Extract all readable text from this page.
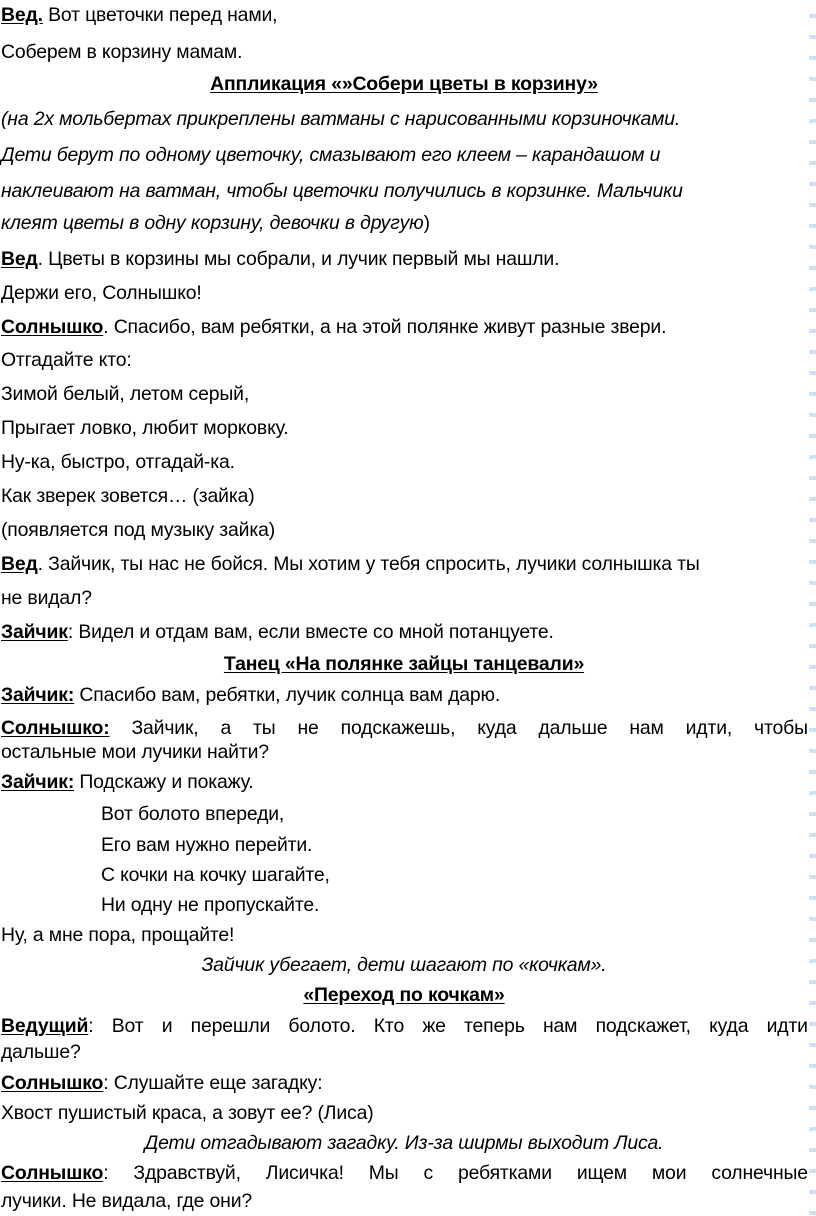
Вед. Вот цветочки перед нами,
Соберем в корзину мамам.
Аппликация «»Собери цветы в корзину»
(на 2х мольбертах прикреплены ватманы с нарисованными корзиночками.
Дети берут по одному цветочку, смазывают его клеем – карандашом и
наклеивают на ватман, чтобы цветочки получились в корзинке. Мальчики
клеят цветы в одну корзину, девочки в другую)
Вед. Цветы в корзины мы собрали, и лучик первый мы нашли.
Держи его, Солнышко!
Солнышко. Спасибо, вам ребятки, а на этой полянке живут разные звери.
Отгадайте кто:
Зимой белый, летом серый,
Прыгает ловко, любит морковку.
Ну-ка, быстро, отгадай-ка.
Как зверек зовется… (зайка)
(появляется под музыку зайка)
Вед. Зайчик, ты нас не бойся. Мы хотим у тебя спросить, лучики солнышка ты
не видал?
Зайчик: Видел и отдам вам, если вместе со мной потанцуете.
Танец «На полянке зайцы танцевали»
Зайчик: Спасибо вам, ребятки, лучик солнца вам дарю.
Солнышко: Зайчик, а ты не подскажешь, куда дальше нам идти, чтобы
остальные мои лучики найти?
Зайчик: Подскажу и покажу.
Вот болото впереди,
Его вам нужно перейти.
С кочки на кочку шагайте,
Ни одну не пропускайте.
Ну, а мне пора, прощайте!
Зайчик убегает, дети шагают по «кочкам».
«Переход по кочкам»
Ведущий: Вот и перешли болото. Кто же теперь нам подскажет, куда идти
дальше?
Солнышко: Слушайте еще загадку:
Хвост пушистый краса, а зовут ее? (Лиса)
Дети отгадывают загадку. Из-за ширмы выходит Лиса.
Солнышко: Здравствуй, Лисичка! Мы с ребятками ищем мои солнечные
лучики. Не видала, где они?
